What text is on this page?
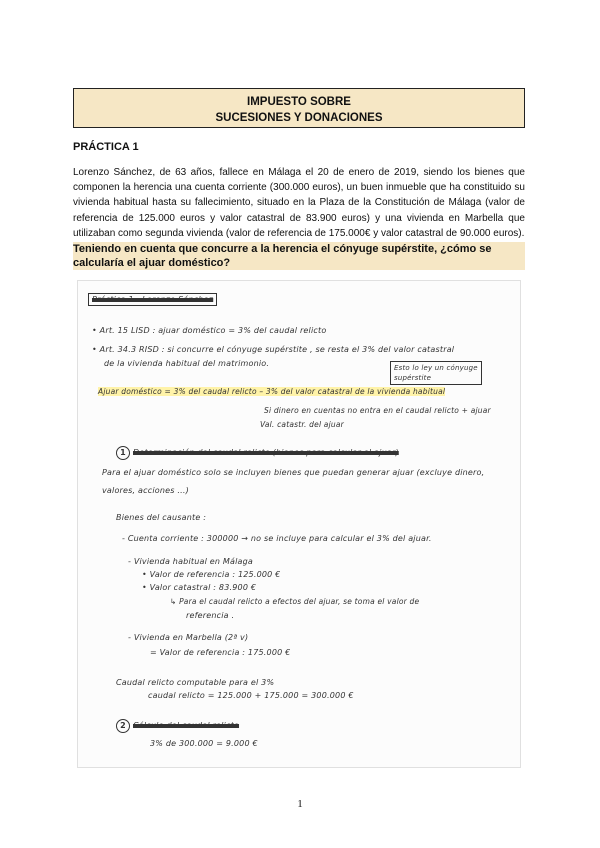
IMPUESTO SOBRE
SUCESIONES Y DONACIONES
PRÁCTICA 1

Lorenzo Sánchez, de 63 años, fallece en Málaga el 20 de enero de 2019, siendo los bienes que componen la herencia una cuenta corriente (300.000 euros), un buen inmueble que ha constituido su vivienda habitual hasta su fallecimiento, situado en la Plaza de la Constitución de Málaga (valor de referencia de 125.000 euros y valor catastral de 83.900 euros) y una vivienda en Marbella que utilizaban como segunda vivienda (valor de referencia de 175.000€ y valor catastral de 90.000 euros).

Teniendo en cuenta que concurre a la herencia el cónyuge supérstite, ¿cómo se calcularía el ajuar doméstico?

Práctica 1 - Lorenzo Sánchez
• Art. 15 LISD : ajuar doméstico = 3% del caudal relicto
• Art. 34.3 RISD : si concurre el cónyuge supérstite , se resta el 3% del valor catastral
de la vivienda habitual del matrimonio.	Esto lo ley un cónyuge
supérstite
Ajuar doméstico = 3% del caudal relicto – 3% del valor catastral de la vivienda habitual
Si dinero en cuentas no entra en el caudal relicto + ajuar
Val. catastr. del ajuar
1 Determinación del caudal relicto (bienes para calcular el ajuar)
Para el ajuar doméstico solo se incluyen bienes que puedan generar ajuar (excluye dinero,
valores, acciones ...)
Bienes del causante :
- Cuenta corriente : 300000 → no se incluye para calcular el 3% del ajuar.
- Vivienda habitual en Málaga
• Valor de referencia : 125.000 €
• Valor catastral : 83.900 €
↳ Para el caudal relicto a efectos del ajuar, se toma el valor de
referencia .
- Vivienda en Marbella (2ª v)
= Valor de referencia : 175.000 €
Caudal relicto computable para el 3%
caudal relicto = 125.000 + 175.000 = 300.000 €
2 Cálculo del caudal relicto
3% de 300.000 = 9.000 €
1
